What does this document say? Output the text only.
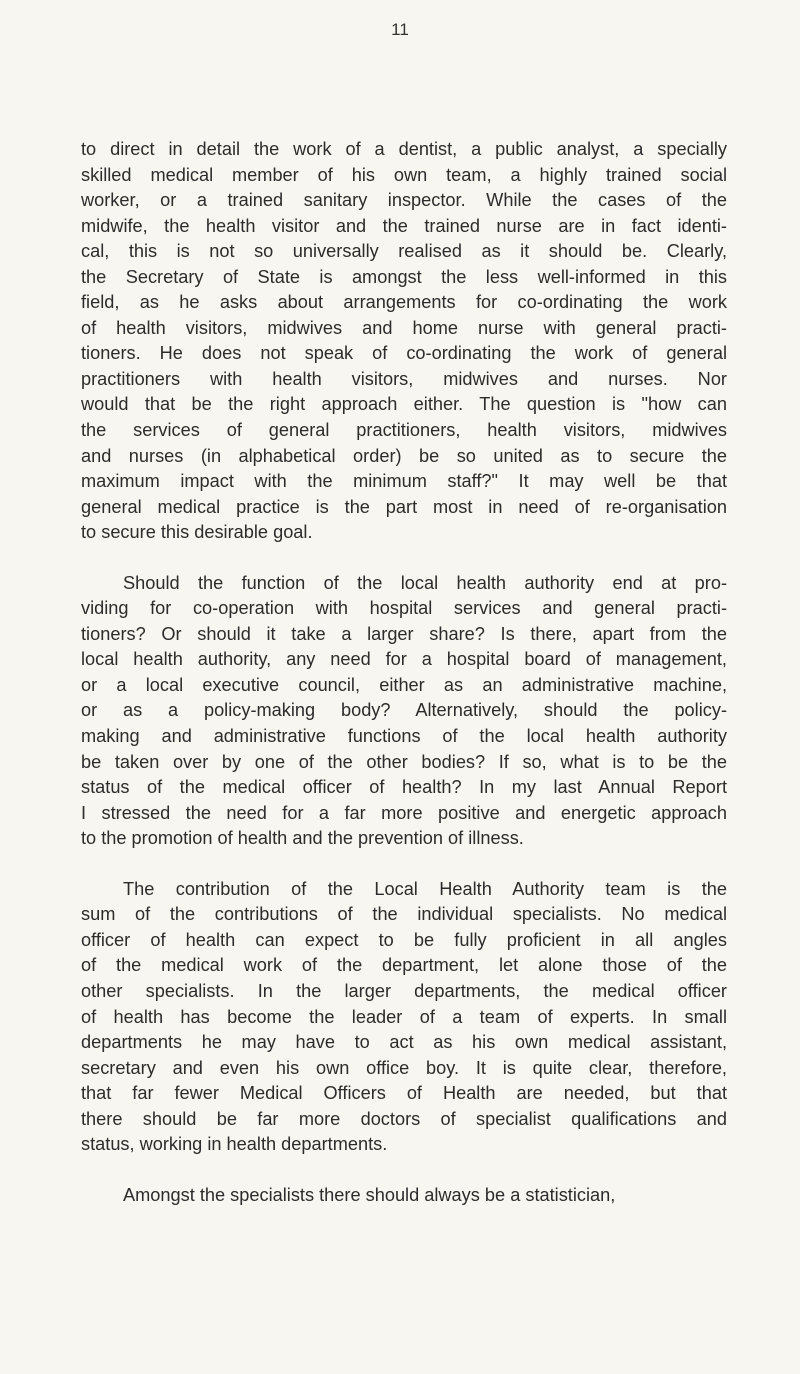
11
to direct in detail the work of a dentist, a public analyst, a specially
skilled medical member of his own team, a highly trained social
worker, or a trained sanitary inspector. While the cases of the
midwife, the health visitor and the trained nurse are in fact identi-
cal, this is not so universally realised as it should be. Clearly,
the Secretary of State is amongst the less well-informed in this
field, as he asks about arrangements for co-ordinating the work
of health visitors, midwives and home nurse with general practi-
tioners. He does not speak of co-ordinating the work of general
practitioners with health visitors, midwives and nurses. Nor
would that be the right approach either. The question is "how can
the services of general practitioners, health visitors, midwives
and nurses (in alphabetical order) be so united as to secure the
maximum impact with the minimum staff?" It may well be that
general medical practice is the part most in need of re-organisation
to secure this desirable goal.
Should the function of the local health authority end at pro-
viding for co-operation with hospital services and general practi-
tioners? Or should it take a larger share? Is there, apart from the
local health authority, any need for a hospital board of management,
or a local executive council, either as an administrative machine,
or as a policy-making body? Alternatively, should the policy-
making and administrative functions of the local health authority
be taken over by one of the other bodies? If so, what is to be the
status of the medical officer of health? In my last Annual Report
I stressed the need for a far more positive and energetic approach
to the promotion of health and the prevention of illness.
The contribution of the Local Health Authority team is the
sum of the contributions of the individual specialists. No medical
officer of health can expect to be fully proficient in all angles
of the medical work of the department, let alone those of the
other specialists. In the larger departments, the medical officer
of health has become the leader of a team of experts. In small
departments he may have to act as his own medical assistant,
secretary and even his own office boy. It is quite clear, therefore,
that far fewer Medical Officers of Health are needed, but that
there should be far more doctors of specialist qualifications and
status, working in health departments.
Amongst the specialists there should always be a statistician,
